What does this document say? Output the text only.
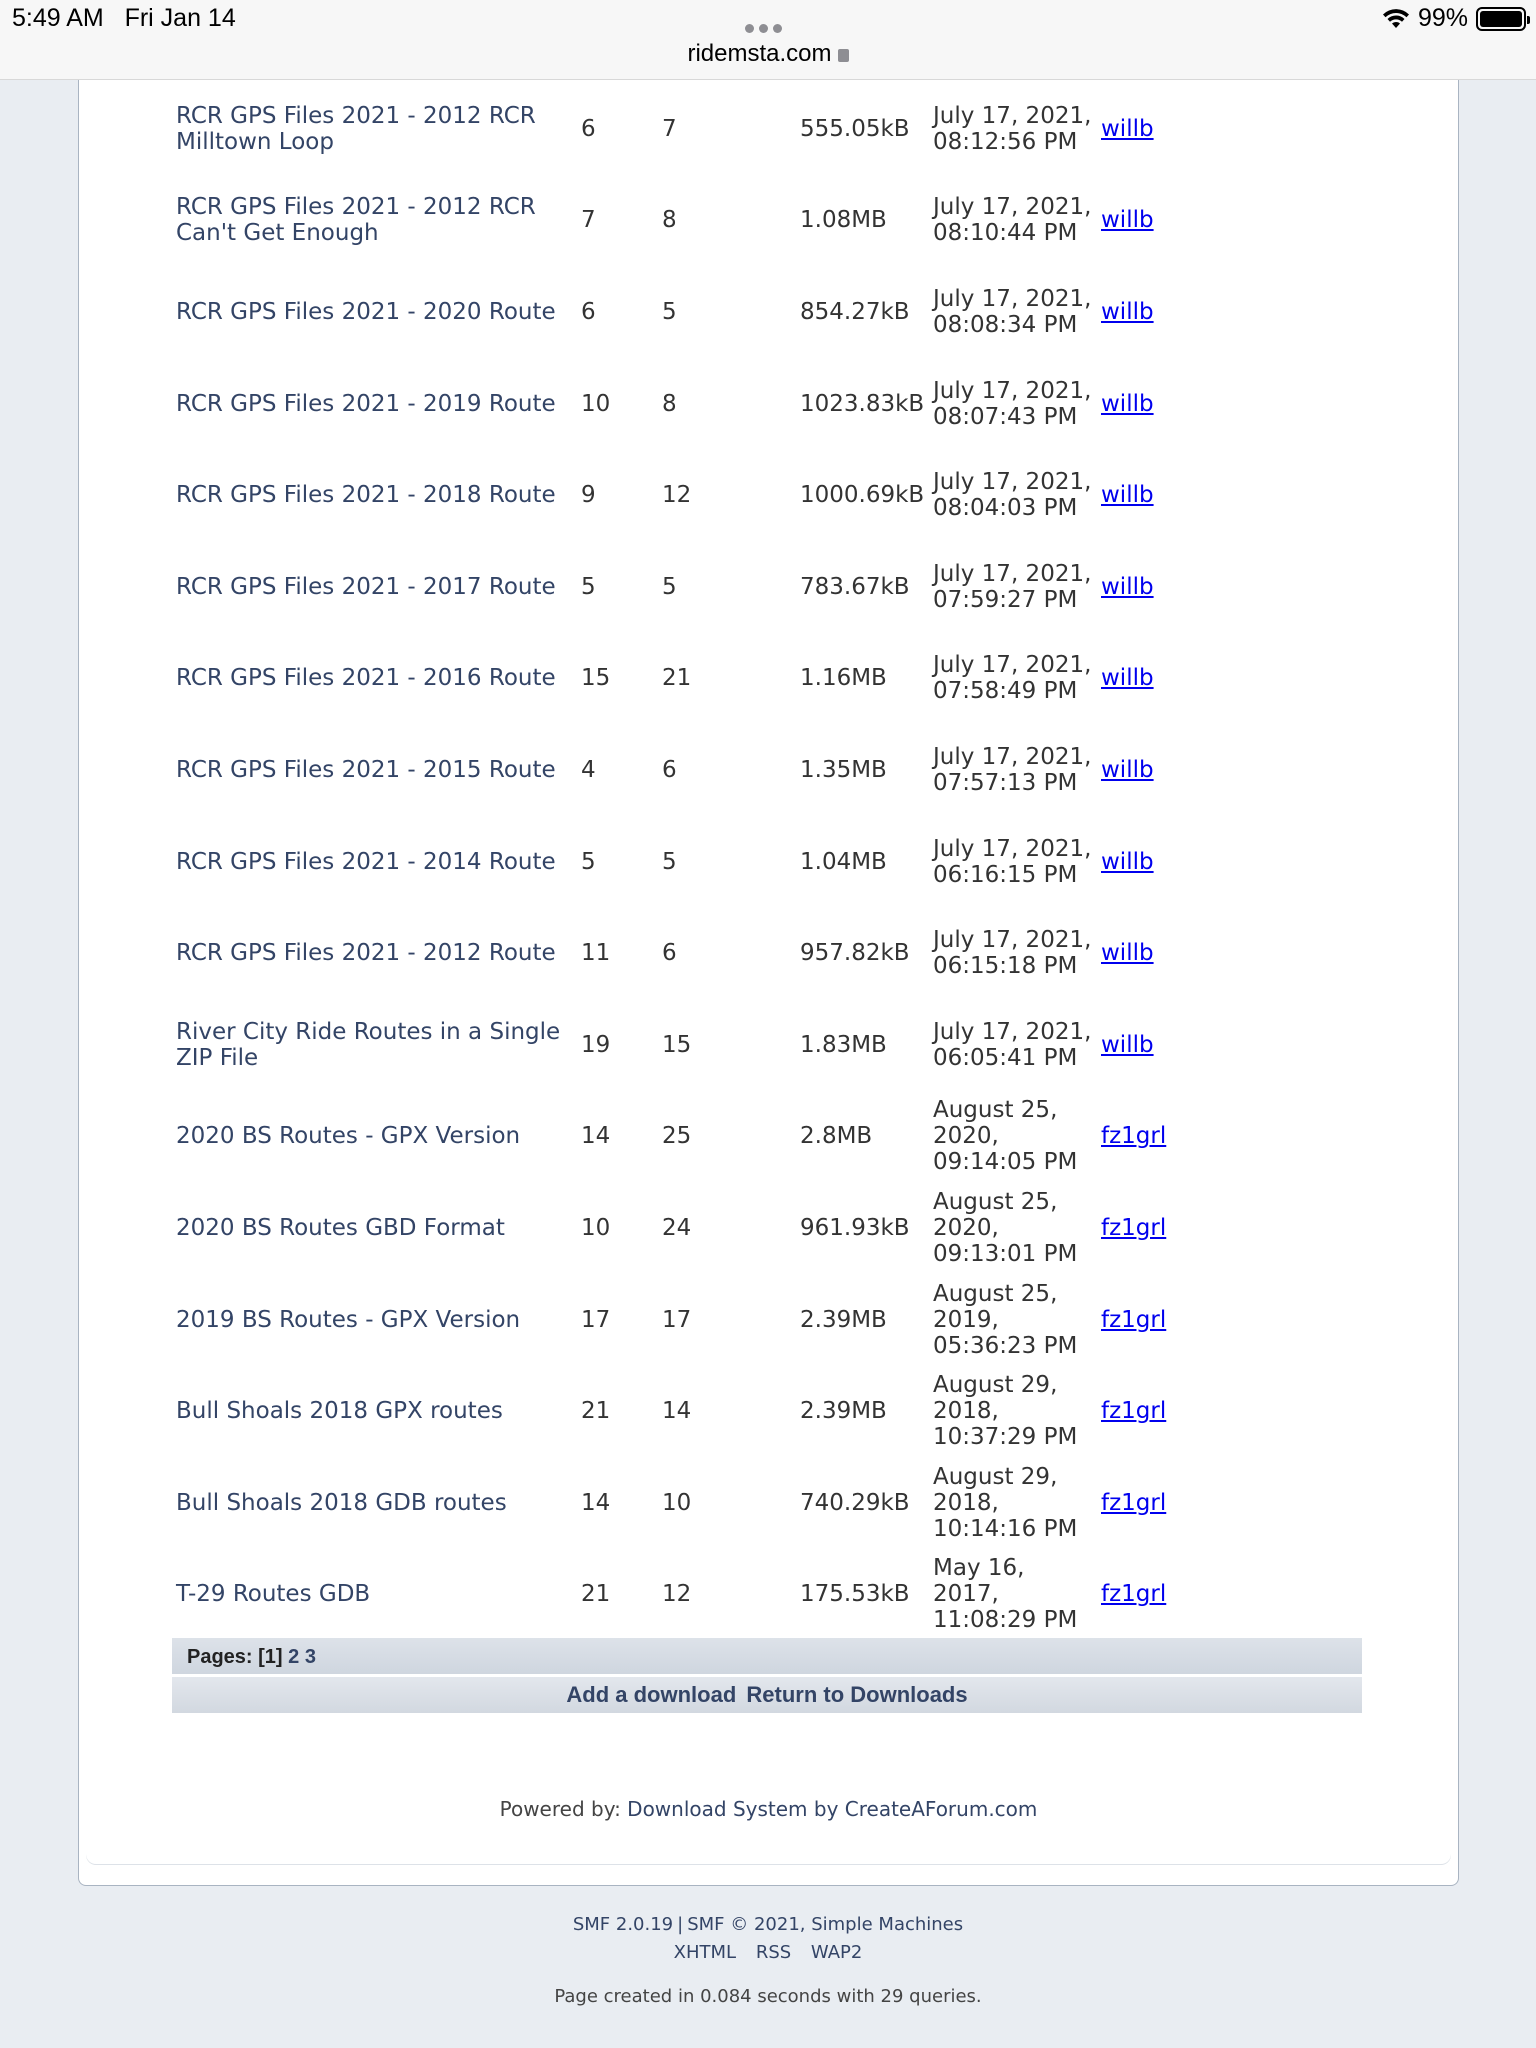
5:49 AM Fri Jan 14
ridemsta.com
99%
RCR GPS Files 2021 - 2012 RCR Milltown Loop	6	7	555.05kB	July 17, 2021, 08:12:56 PM	willb
RCR GPS Files 2021 - 2012 RCR Can't Get Enough	7	8	1.08MB	July 17, 2021, 08:10:44 PM	willb
RCR GPS Files 2021 - 2020 Route	6	5	854.27kB	July 17, 2021, 08:08:34 PM	willb
RCR GPS Files 2021 - 2019 Route	10	8	1023.83kB	July 17, 2021, 08:07:43 PM	willb
RCR GPS Files 2021 - 2018 Route	9	12	1000.69kB	July 17, 2021, 08:04:03 PM	willb
RCR GPS Files 2021 - 2017 Route	5	5	783.67kB	July 17, 2021, 07:59:27 PM	willb
RCR GPS Files 2021 - 2016 Route	15	21	1.16MB	July 17, 2021, 07:58:49 PM	willb
RCR GPS Files 2021 - 2015 Route	4	6	1.35MB	July 17, 2021, 07:57:13 PM	willb
RCR GPS Files 2021 - 2014 Route	5	5	1.04MB	July 17, 2021, 06:16:15 PM	willb
RCR GPS Files 2021 - 2012 Route	11	6	957.82kB	July 17, 2021, 06:15:18 PM	willb
River City Ride Routes in a Single ZIP File	19	15	1.83MB	July 17, 2021, 06:05:41 PM	willb
2020 BS Routes - GPX Version	14	25	2.8MB	August 25, 2020, 09:14:05 PM	fz1grl
2020 BS Routes GBD Format	10	24	961.93kB	August 25, 2020, 09:13:01 PM	fz1grl
2019 BS Routes - GPX Version	17	17	2.39MB	August 25, 2019, 05:36:23 PM	fz1grl
Bull Shoals 2018 GPX routes	21	14	2.39MB	August 29, 2018, 10:37:29 PM	fz1grl
Bull Shoals 2018 GDB routes	14	10	740.29kB	August 29, 2018, 10:14:16 PM	fz1grl
T-29 Routes GDB	21	12	175.53kB	May 16, 2017, 11:08:29 PM	fz1grl
Pages: [1] 2 3
Add a download Return to Downloads
Powered by: Download System by CreateAForum.com
SMF 2.0.19 | SMF © 2021, Simple Machines
XHTML RSS WAP2
Page created in 0.084 seconds with 29 queries.
